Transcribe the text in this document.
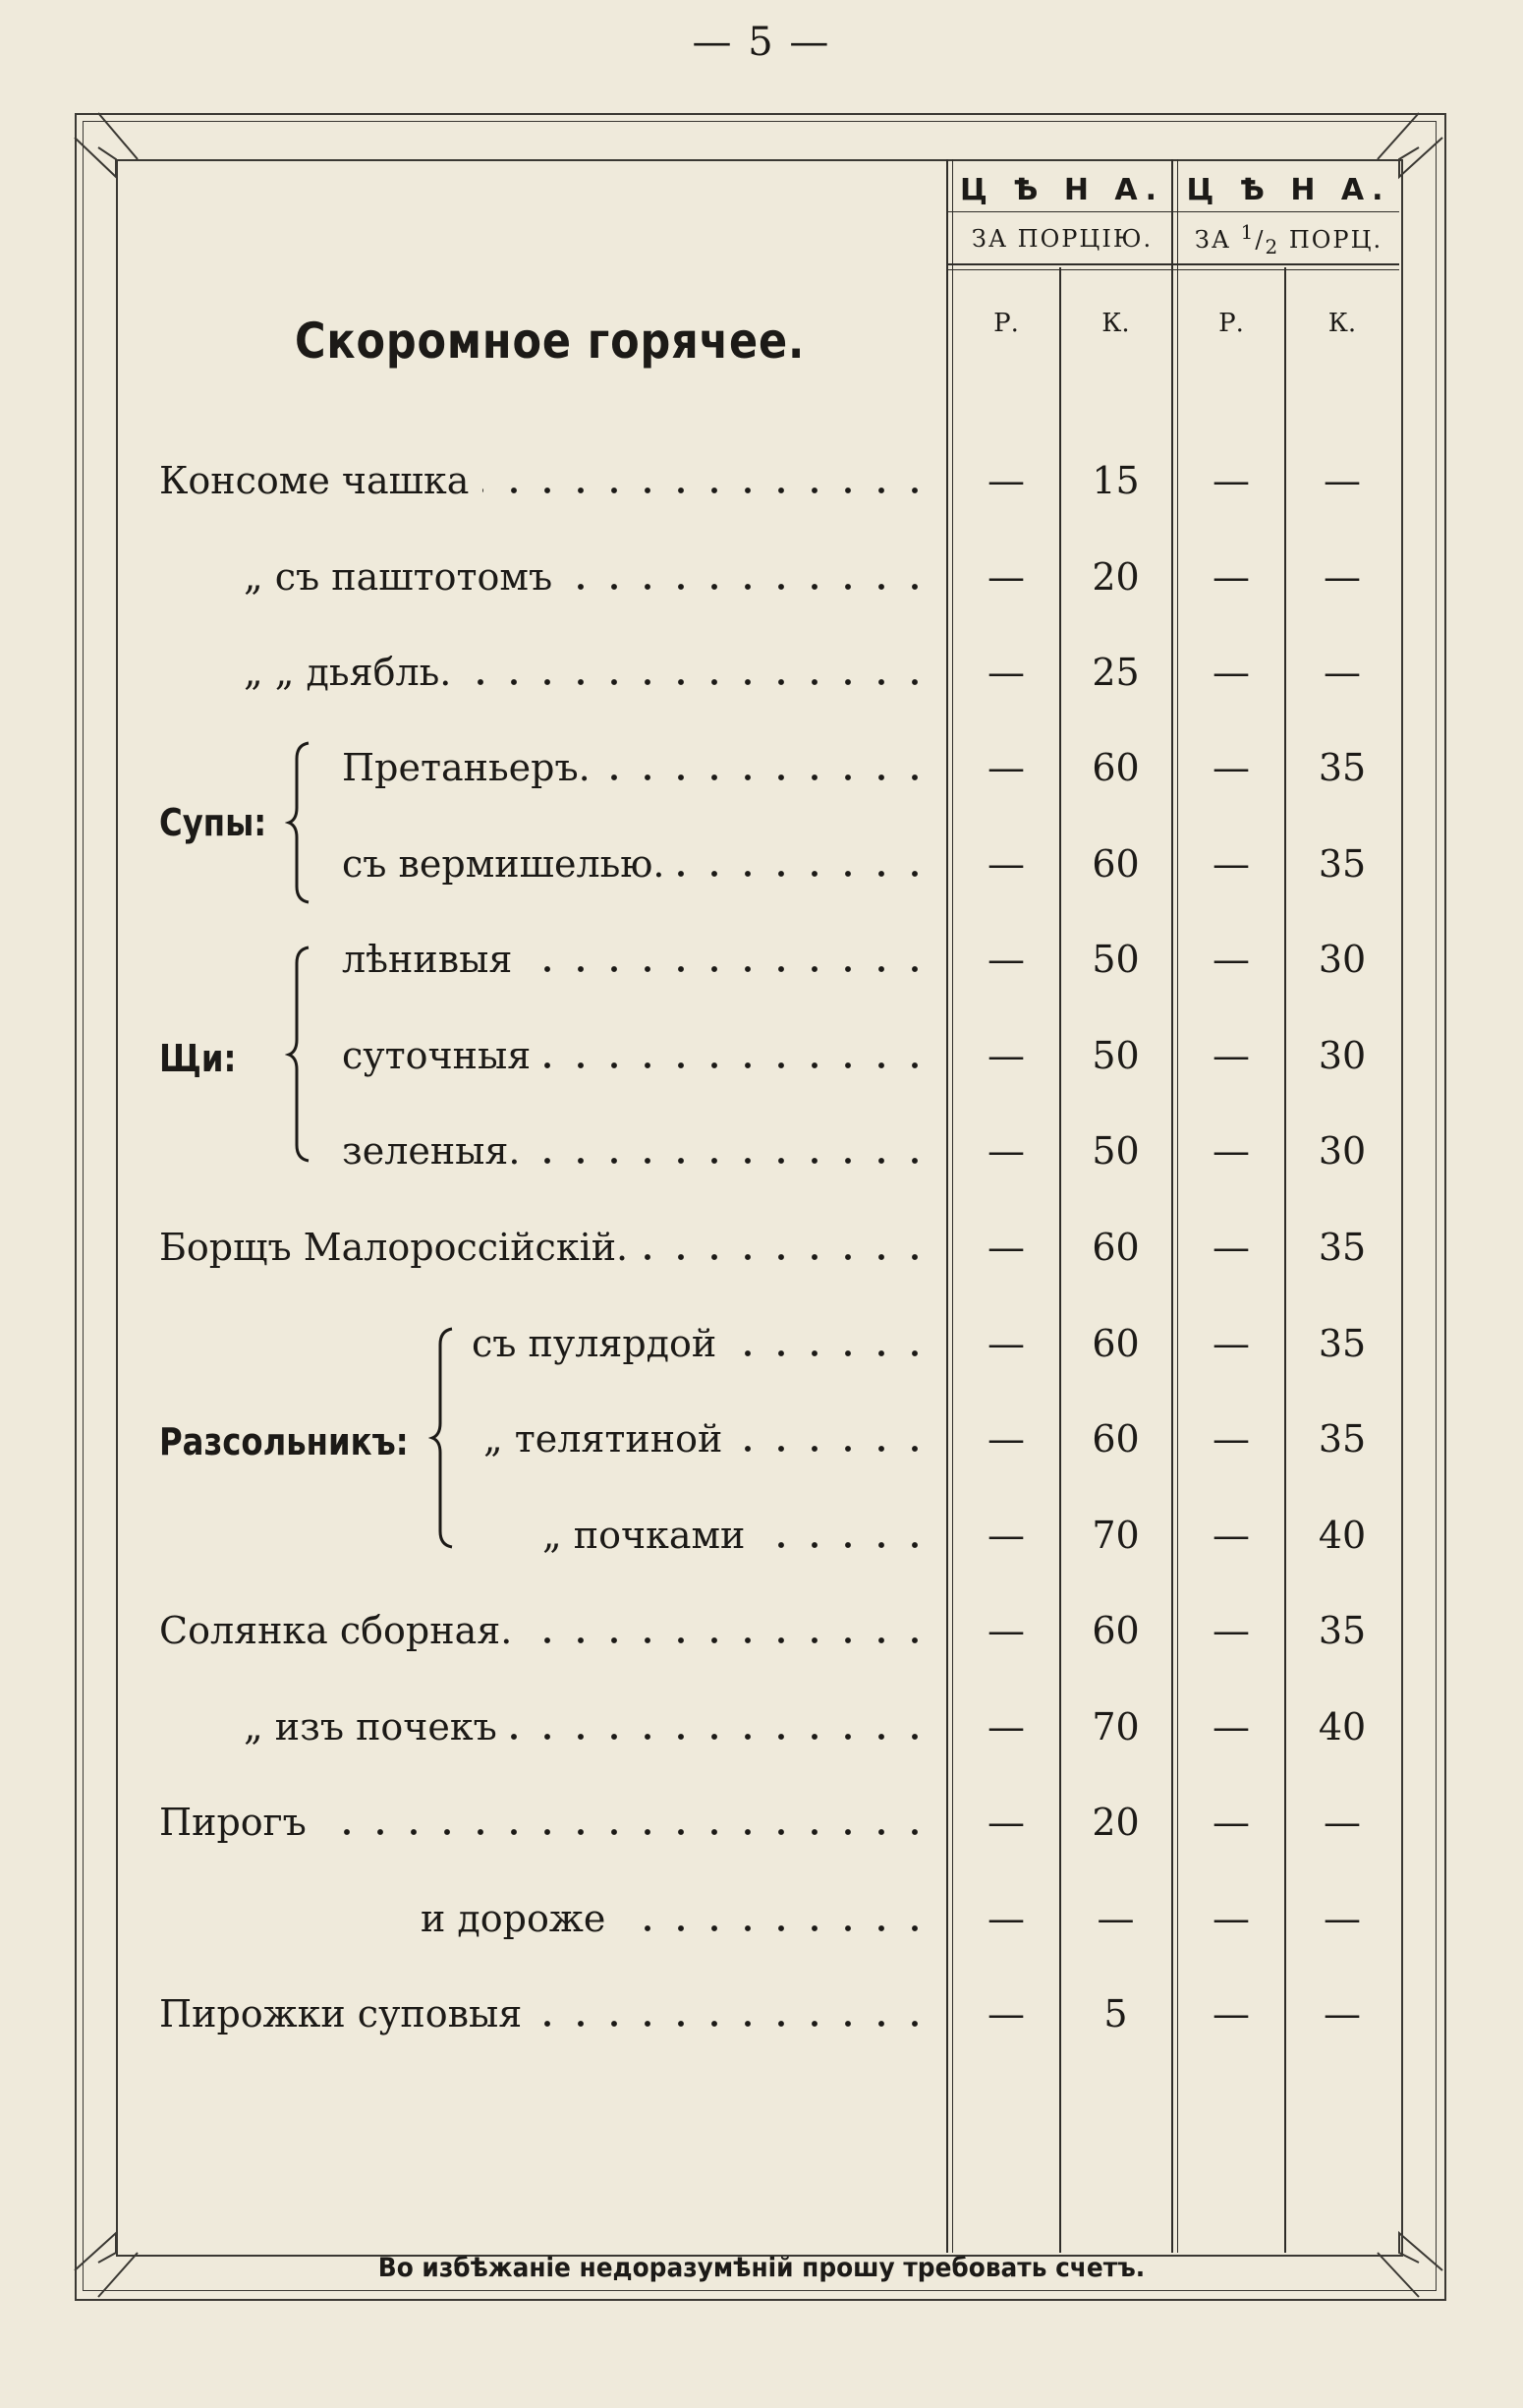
— 5 —
Ц Ѣ Н А. Ц Ѣ Н А.
ЗА ПОРЦІЮ.	ЗА $^1/_2$ ПОРЦ.
Р.	К.	Р.	К.
Скоромное горячее.
Супы:
Щи:
Разсольникъ:
Консоме чашка	—	15	—	—
„ съ паштотомъ	—	20	—	—
„ „ дьябль.	—	25	—	—
Претаньеръ.	—	60	—	35
съ вермишелью.	—	60	—	35
лѣнивыя	—	50	—	30
суточныя	—	50	—	30
зеленыя.	—	50	—	30
Борщъ Малороссійскій.	—	60	—	35
съ пулярдой	—	60	—	35
„ телятиной	—	60	—	35
„ почками	—	70	—	40
Солянка сборная.	—	60	—	35
„ изъ почекъ	—	70	—	40
Пирогъ	—	20	—	—
и дороже	—	—	—	—
Пирожки суповыя	—	5	—	—
Во избѣжаніе недоразумѣній прошу требовать счетъ.
